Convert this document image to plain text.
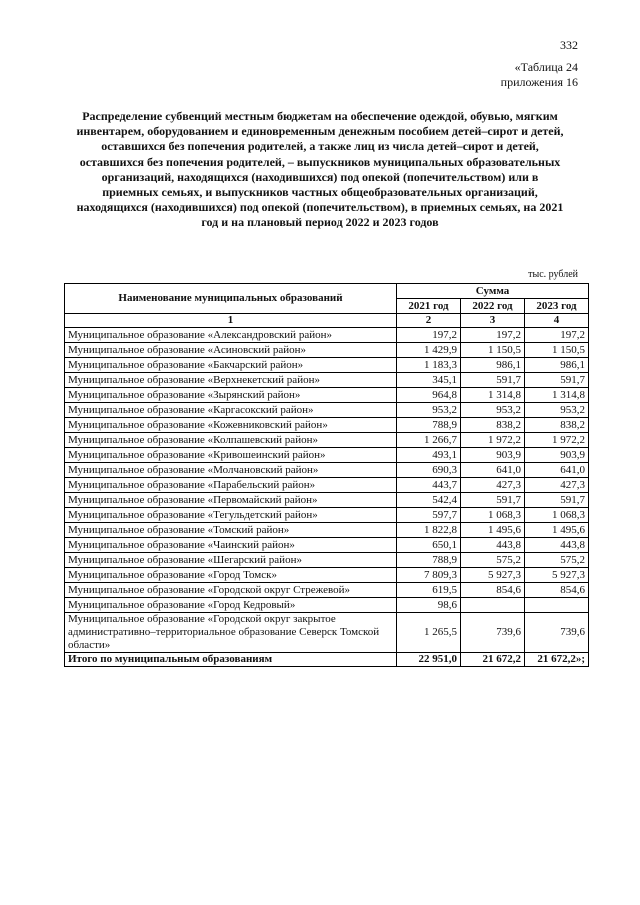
332
«Таблица 24
приложения 16
Распределение субвенций местным бюджетам на обеспечение одеждой, обувью, мягким инвентарем, оборудованием и единовременным денежным пособием детей–сирот и детей, оставшихся без попечения родителей, а также лиц из числа детей–сирот и детей, оставшихся без попечения родителей, – выпускников муниципальных образовательных организаций, находящихся (находившихся) под опекой (попечительством) или в приемных семьях, и выпускников частных общеобразовательных организаций, находящихся (находившихся) под опекой (попечительством), в приемных семьях, на 2021 год и на плановый период 2022 и 2023 годов
тыс. рублей
Наименование муниципальных образований	Сумма		
	2021 год	2022 год	2023 год
1	2	3	4
Муниципальное образование «Александровский район»	197,2	197,2	197,2
Муниципальное образование «Асиновский район»	1 429,9	1 150,5	1 150,5
Муниципальное образование «Бакчарский район»	1 183,3	986,1	986,1
Муниципальное образование «Верхнекетский район»	345,1	591,7	591,7
Муниципальное образование «Зырянский район»	964,8	1 314,8	1 314,8
Муниципальное образование «Каргасокский район»	953,2	953,2	953,2
Муниципальное образование «Кожевниковский район»	788,9	838,2	838,2
Муниципальное образование «Колпашевский район»	1 266,7	1 972,2	1 972,2
Муниципальное образование «Кривошеинский район»	493,1	903,9	903,9
Муниципальное образование «Молчановский район»	690,3	641,0	641,0
Муниципальное образование «Парабельский район»	443,7	427,3	427,3
Муниципальное образование «Первомайский район»	542,4	591,7	591,7
Муниципальное образование «Тегульдетский район»	597,7	1 068,3	1 068,3
Муниципальное образование «Томский район»	1 822,8	1 495,6	1 495,6
Муниципальное образование «Чаинский район»	650,1	443,8	443,8
Муниципальное образование «Шегарский район»	788,9	575,2	575,2
Муниципальное образование «Город Томск»	7 809,3	5 927,3	5 927,3
Муниципальное образование «Городской округ Стрежевой»	619,5	854,6	854,6
Муниципальное образование «Город Кедровый»	98,6		
Муниципальное образование «Городской округ закрытое административно–территориальное образование Северск Томской области»	1 265,5	739,6	739,6
Итого по муниципальным образованиям	22 951,0	21 672,2	21 672,2»;
